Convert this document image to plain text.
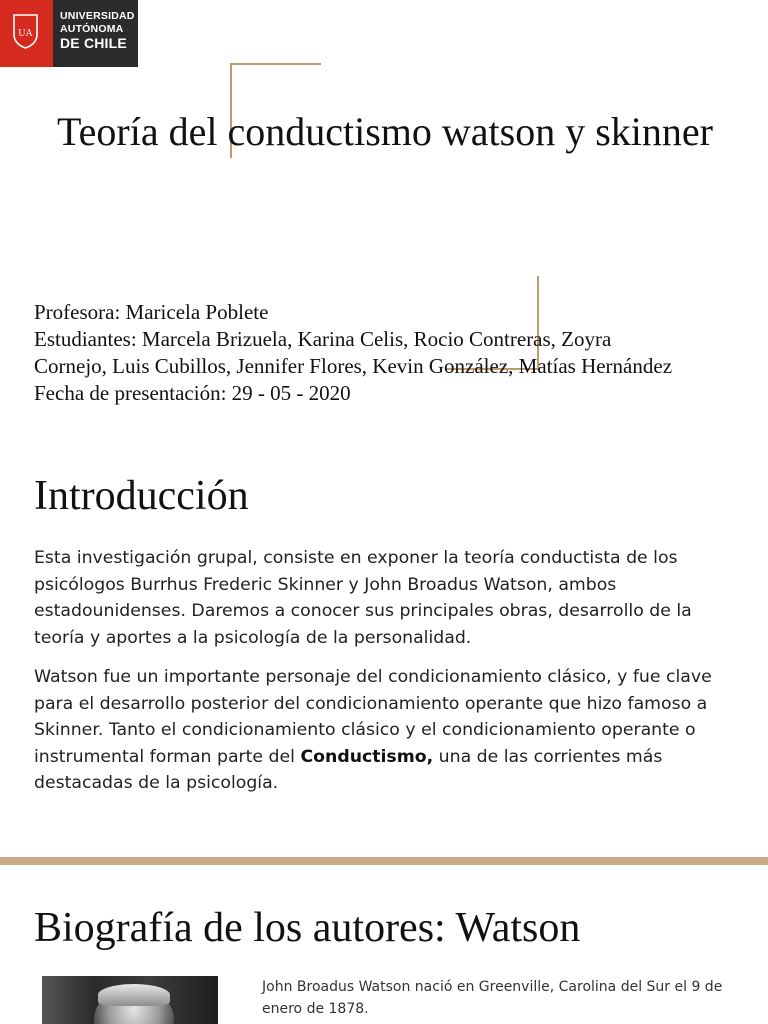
UA
UNIVERSIDAD
AUTÓNOMA
DE CHILE
Teoría del conductismo watson y skinner
Profesora: Maricela Poblete
Estudiantes: Marcela Brizuela, Karina Celis, Rocio Contreras, Zoyra
Cornejo, Luis Cubillos, Jennifer Flores, Kevin González, Matías Hernández
Fecha de presentación: 29 - 05 - 2020
Introducción

Esta investigación grupal, consiste en exponer la teoría conductista de los psicólogos Burrhus Frederic Skinner y John Broadus Watson, ambos estadounidenses. Daremos a conocer sus principales obras, desarrollo de la teoría y aportes a la psicología de la personalidad.

Watson fue un importante personaje del condicionamiento clásico, y fue clave para el desarrollo posterior del condicionamiento operante que hizo famoso a Skinner. Tanto el condicionamiento clásico y el condicionamiento operante o instrumental forman parte del Conductismo, una de las corrientes más destacadas de la psicología.

Biografía de los autores: Watson

John Broadus Watson nació en Greenville, Carolina del Sur el 9 de enero de 1878.
